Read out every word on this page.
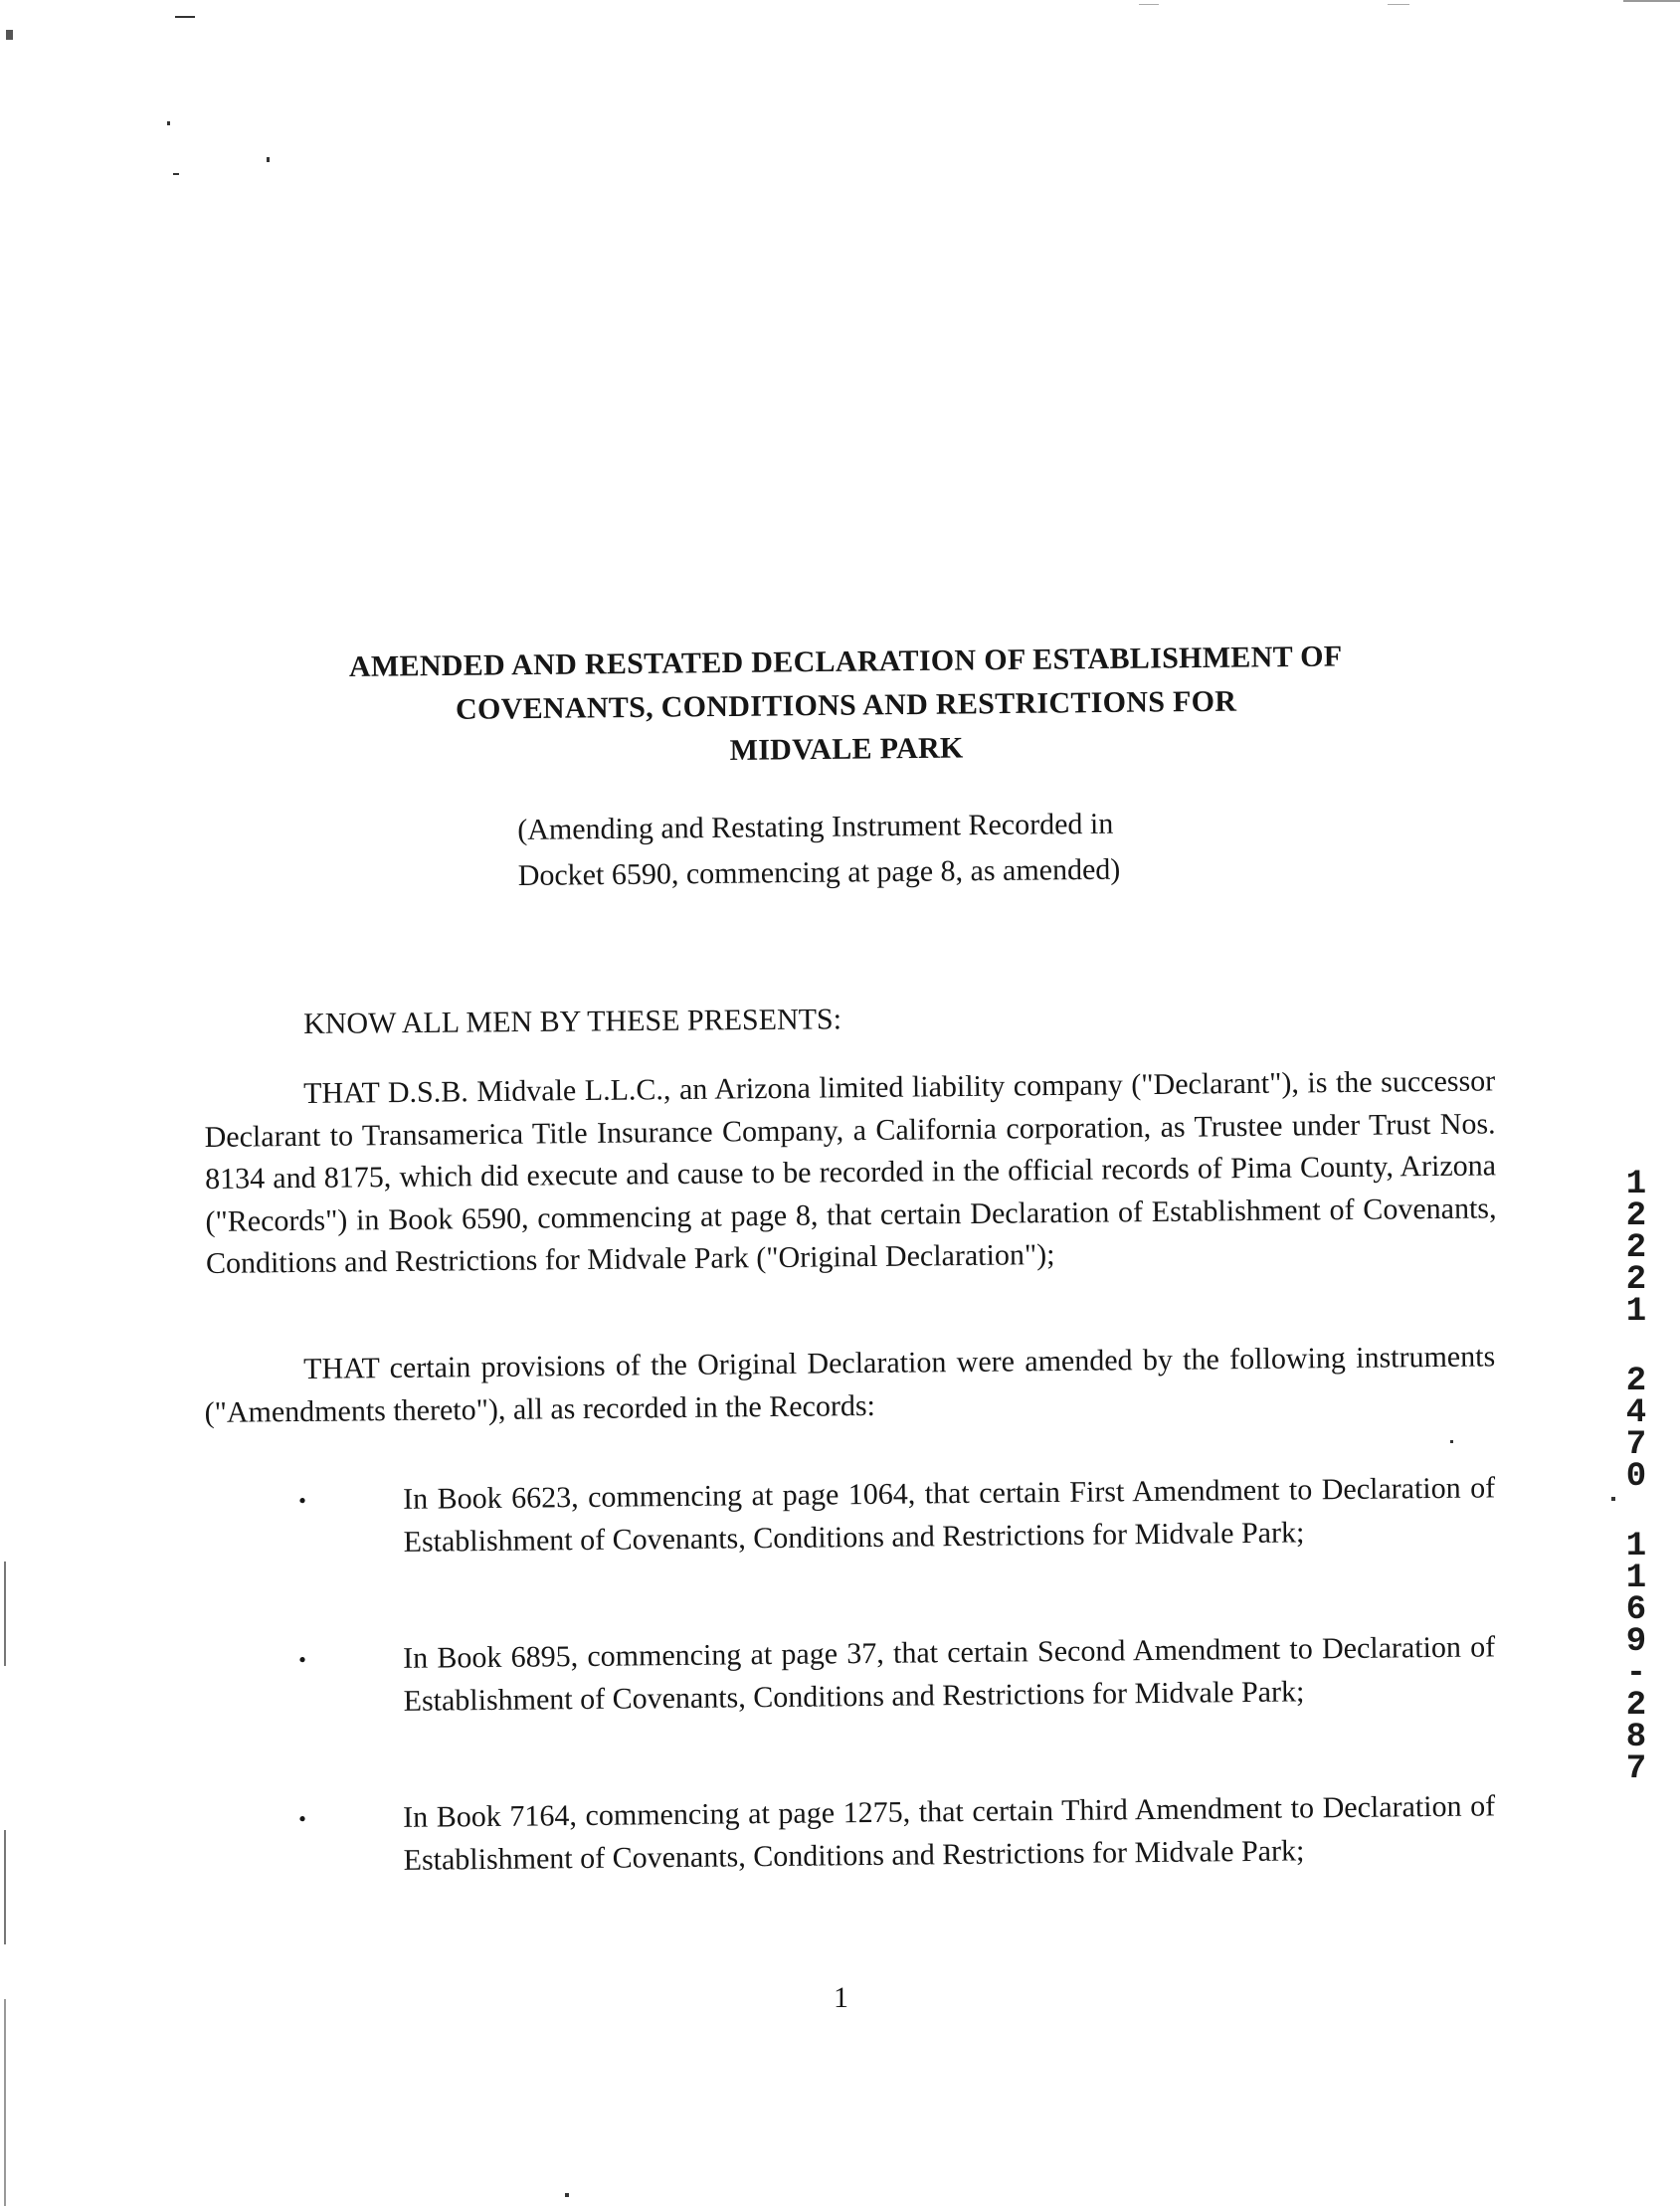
AMENDED AND RESTATED DECLARATION OF ESTABLISHMENT OF
COVENANTS, CONDITIONS AND RESTRICTIONS FOR
MIDVALE PARK
(Amending and Restating Instrument Recorded in
Docket 6590, commencing at page 8, as amended)
KNOW ALL MEN BY THESE PRESENTS:
THAT D.S.B. Midvale L.L.C., an Arizona limited liability company ("Declarant"), is the successor Declarant to Transamerica Title Insurance Company, a California corporation, as Trustee under Trust Nos. 8134 and 8175, which did execute and cause to be recorded in the official records of Pima County, Arizona ("Records") in Book 6590, commencing at page 8, that certain Declaration of Establishment of Covenants, Conditions and Restrictions for Midvale Park ("Original Declaration");
THAT certain provisions of the Original Declaration were amended by the following instruments ("Amendments thereto"), all as recorded in the Records:
•	In Book 6623, commencing at page 1064, that certain First Amendment to Declaration of Establishment of Covenants, Conditions and Restrictions for Midvale Park;
•	In Book 6895, commencing at page 37, that certain Second Amendment to Declaration of Establishment of Covenants, Conditions and Restrictions for Midvale Park;
•	In Book 7164, commencing at page 1275, that certain Third Amendment to Declaration of Establishment of Covenants, Conditions and Restrictions for Midvale Park;
1
1
2
2
2
1
2
4
7
0
1
1
6
9
-
2
8
7
